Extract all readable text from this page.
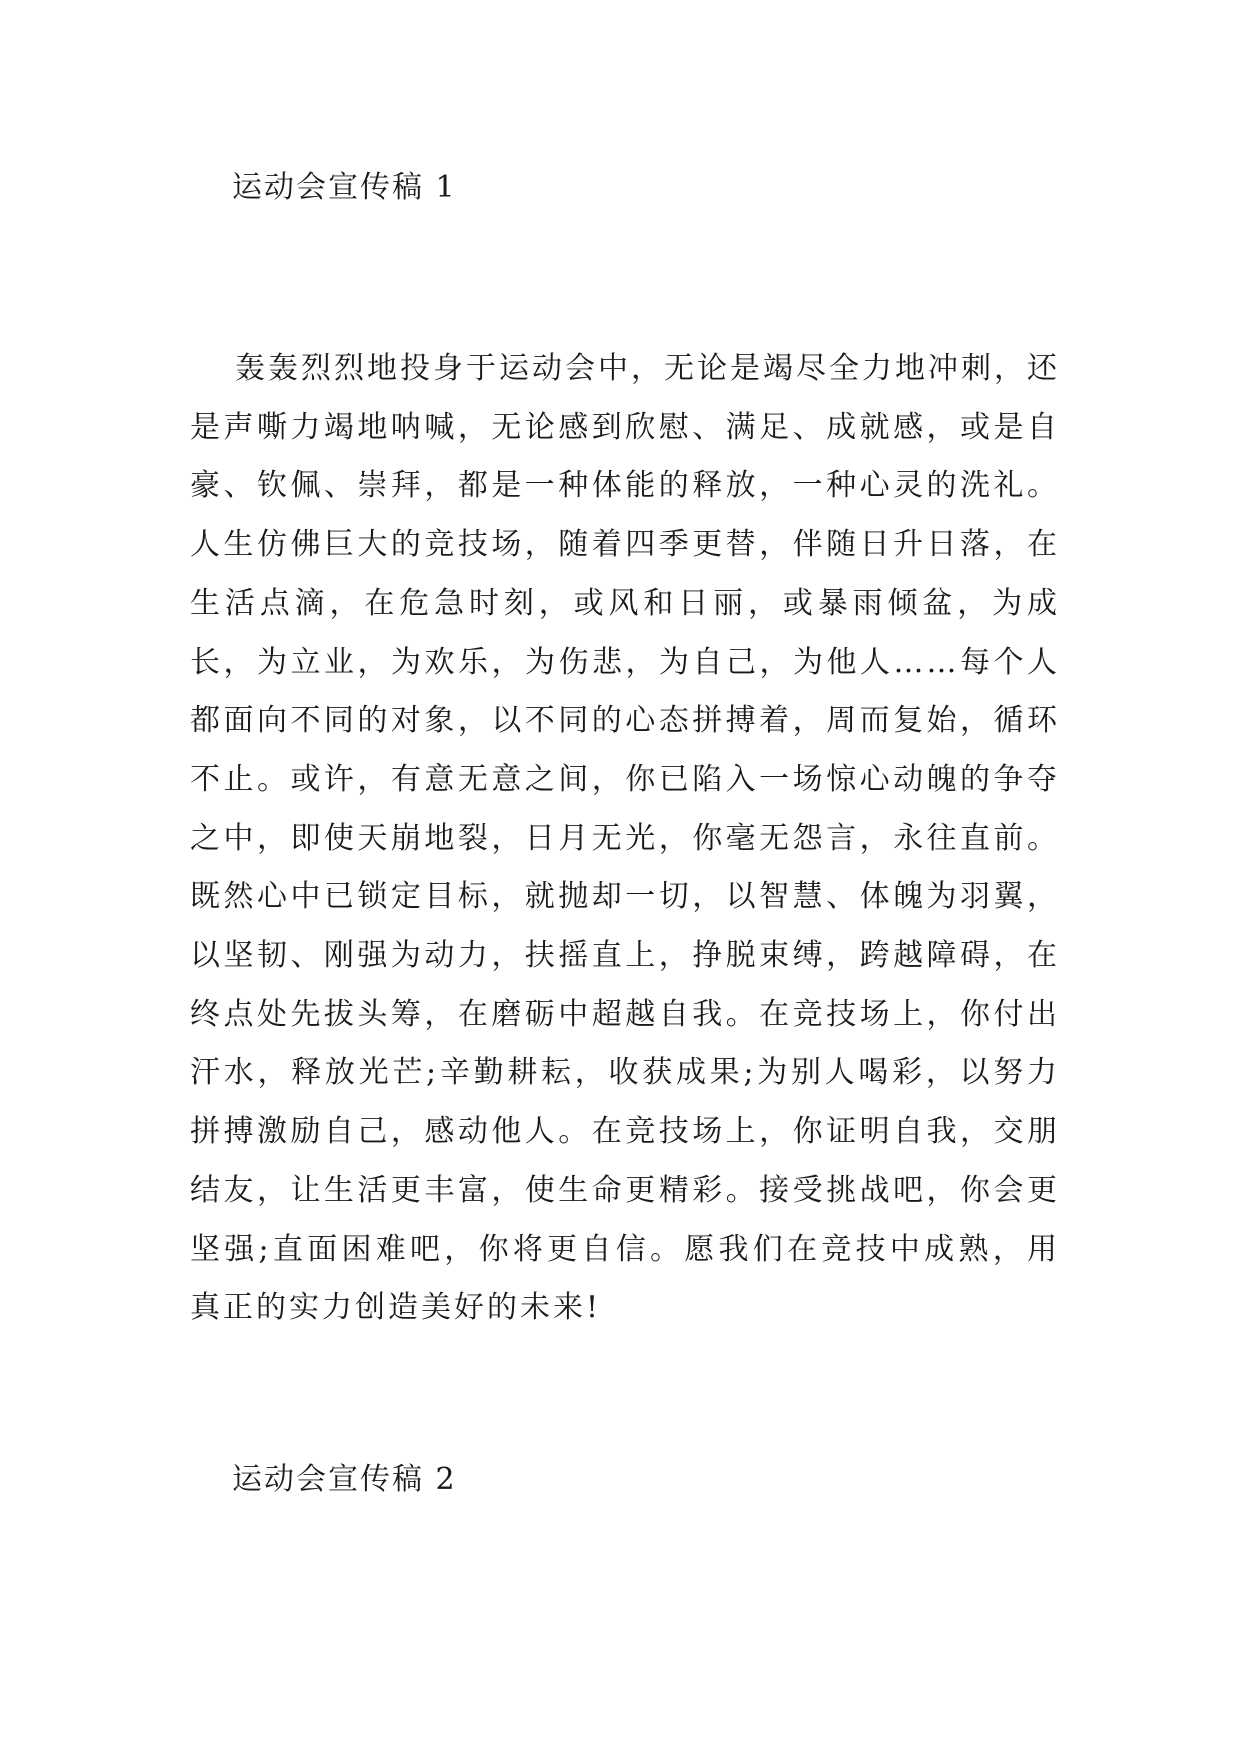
运动会宣传稿 1

轰轰烈烈地投身于运动会中，无论是竭尽全力地冲刺，还是声嘶力竭地呐喊，无论感到欣慰、满足、成就感，或是自豪、钦佩、崇拜，都是一种体能的释放，一种心灵的洗礼。人生仿佛巨大的竞技场，随着四季更替，伴随日升日落，在生活点滴，在危急时刻，或风和日丽，或暴雨倾盆，为成长，为立业，为欢乐，为伤悲，为自己，为他人……每个人都面向不同的对象，以不同的心态拼搏着，周而复始，循环不止。或许，有意无意之间，你已陷入一场惊心动魄的争夺之中，即使天崩地裂，日月无光，你毫无怨言，永往直前。既然心中已锁定目标，就抛却一切，以智慧、体魄为羽翼，以坚韧、刚强为动力，扶摇直上，挣脱束缚，跨越障碍，在终点处先拔头筹，在磨砺中超越自我。在竞技场上，你付出汗水，释放光芒;辛勤耕耘，收获成果;为别人喝彩，以努力拼搏激励自己，感动他人。在竞技场上，你证明自我，交朋结友，让生活更丰富，使生命更精彩。接受挑战吧，你会更坚强;直面困难吧，你将更自信。愿我们在竞技中成熟，用真正的实力创造美好的未来!

运动会宣传稿 2
